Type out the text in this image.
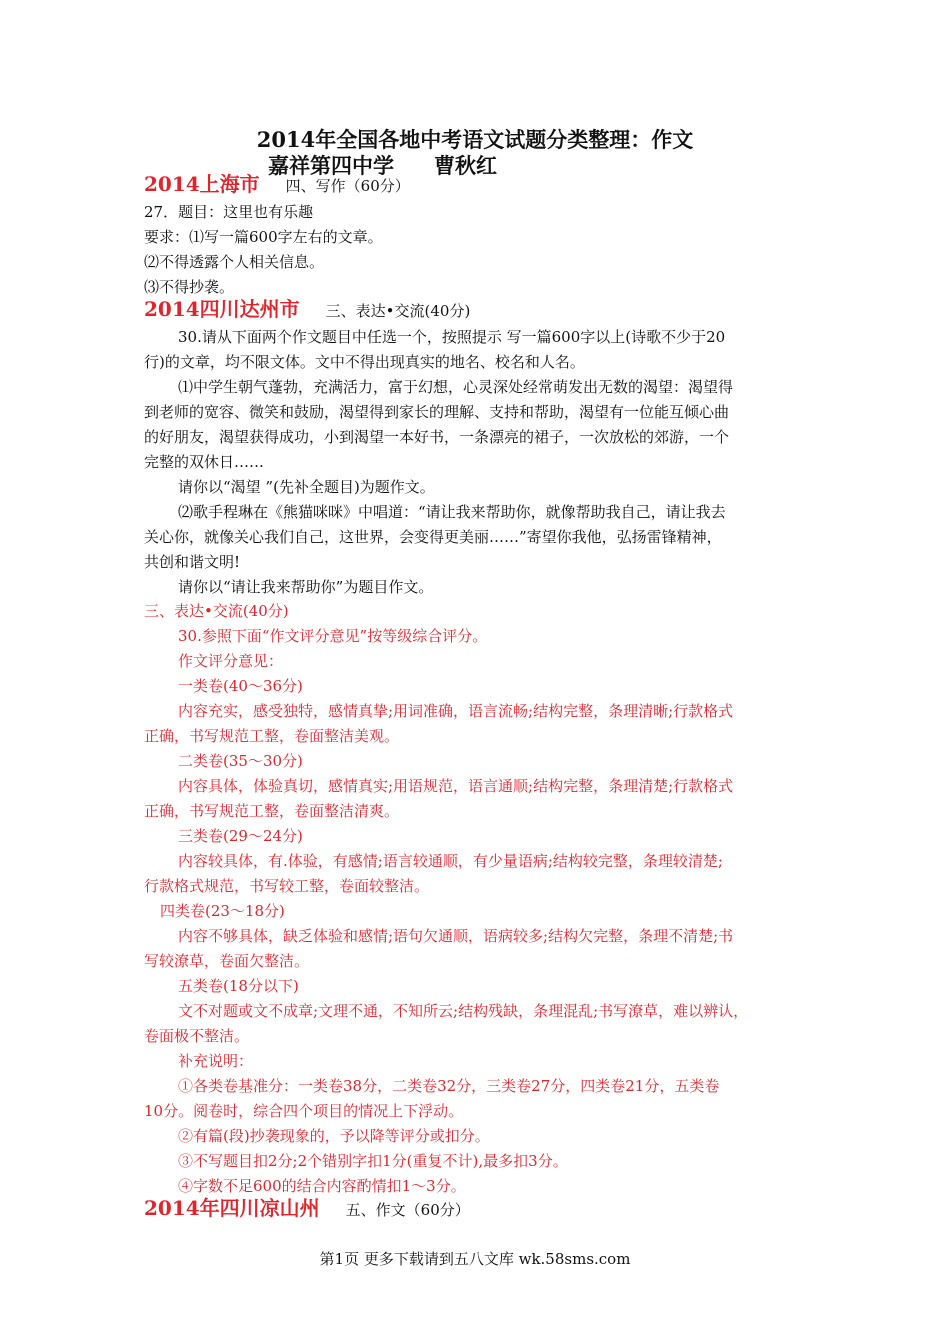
2014年全国各地中考语文试题分类整理：作文
嘉祥第四中学 曹秋红
2014上海市 四、写作（60分）
27．题目：这里也有乐趣
要求：⑴写一篇600字左右的文章。
⑵不得透露个人相关信息。
⑶不得抄袭。
2014四川达州市 三、表达•交流(40分)
30.请从下面两个作文题目中任选一个，按照提示 写一篇600字以上(诗歌不少于20
行)的文章，均不限文体。文中不得出现真实的地名、校名和人名。
⑴中学生朝气蓬勃，充满活力，富于幻想，心灵深处经常萌发出无数的渴望：渴望得
到老师的宽容、微笑和鼓励，渴望得到家长的理解、支持和帮助，渴望有一位能互倾心曲
的好朋友，渴望获得成功，小到渴望一本好书，一条漂亮的裙子，一次放松的郊游，一个
完整的双休日……
请你以“渴望 ”(先补全题目)为题作文。
⑵歌手程琳在《熊猫咪咪》中唱道：“请让我来帮助你，就像帮助我自己，请让我去
关心你，就像关心我们自己，这世界，会变得更美丽……”寄望你我他，弘扬雷锋精神，
共创和谐文明!
请你以“请让我来帮助你”为题目作文。
三、表达•交流(40分)
30.参照下面“作文评分意见”按等级综合评分。
作文评分意见：
一类卷(40～36分)
内容充实，感受独特，感情真挚;用词准确，语言流畅;结构完整，条理清晰;行款格式
正确，书写规范工整，卷面整洁美观。
二类卷(35～30分)
内容具体，体验真切，感情真实;用语规范，语言通顺;结构完整，条理清楚;行款格式
正确，书写规范工整，卷面整洁清爽。
三类卷(29～24分)
内容较具体，有.体验，有感情;语言较通顺，有少量语病;结构较完整，条理较清楚;
行款格式规范，书写较工整，卷面较整洁。
四类卷(23～18分)
内容不够具体，缺乏体验和感情;语句欠通顺，语病较多;结构欠完整，条理不清楚;书
写较潦草，卷面欠整洁。
五类卷(18分以下)
文不对题或文不成章;文理不通，不知所云;结构残缺，条理混乱;书写潦草，难以辨认，
卷面极不整洁。
补充说明：
①各类卷基准分：一类卷38分，二类卷32分，三类卷27分，四类卷21分，五类卷
10分。阅卷时，综合四个项目的情况上下浮动。
②有篇(段)抄袭现象的，予以降等评分或扣分。
③不写题目扣2分;2个错别字扣1分(重复不计),最多扣3分。
④字数不足600的结合内容酌情扣1～3分。
2014年四川凉山州 五、作文（60分）
第1页 更多下载请到五八文库 wk.58sms.com
